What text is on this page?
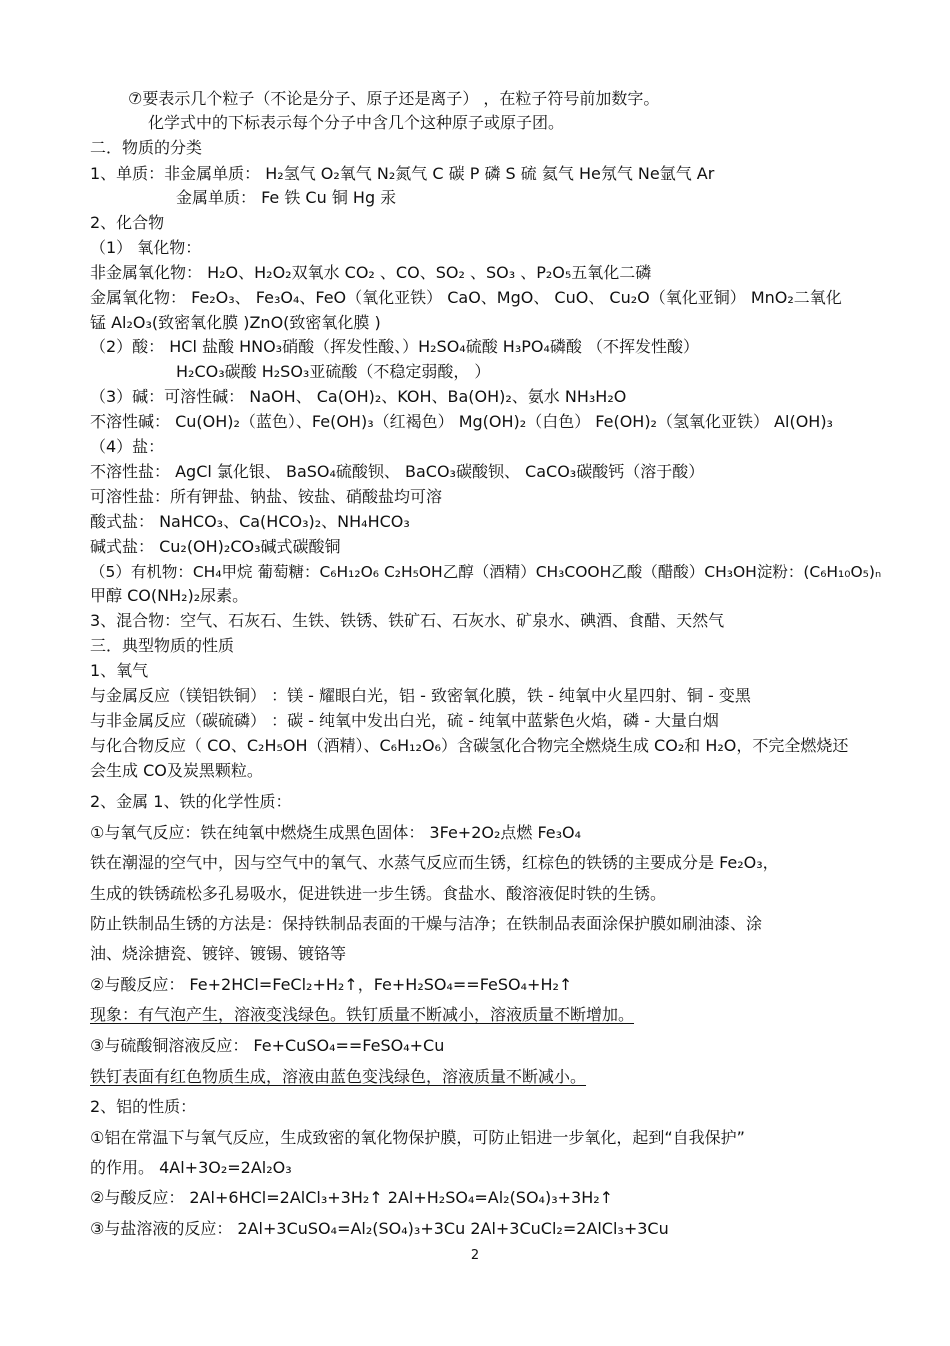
⑦要表示几个粒子（不论是分子、原子还是离子） ，在粒子符号前加数字。
化学式中的下标表示每个分子中含几个这种原子或原子团。
二．物质的分类
1、单质：非金属单质： H₂氢气 O₂氧气 N₂氮气 C 碳 P 磷 S 硫 氦气 He氖气 Ne氩气 Ar
金属单质： Fe 铁 Cu 铜 Hg 汞
2、化合物
（1） 氧化物：
非金属氧化物： H₂O、H₂O₂双氧水 CO₂ 、CO、SO₂ 、SO₃ 、P₂O₅五氧化二磷
金属氧化物： Fe₂O₃、 Fe₃O₄、FeO（氧化亚铁） CaO、MgO、 CuO、 Cu₂O（氧化亚铜） MnO₂二氧化
锰 Al₂O₃(致密氧化膜 )ZnO(致密氧化膜 )
（2）酸： HCl 盐酸 HNO₃硝酸（挥发性酸、）H₂SO₄硫酸 H₃PO₄磷酸 （不挥发性酸）
H₂CO₃碳酸 H₂SO₃亚硫酸（不稳定弱酸， ）
（3）碱：可溶性碱： NaOH、 Ca(OH)₂、KOH、Ba(OH)₂、氨水 NH₃H₂O
不溶性碱： Cu(OH)₂（蓝色）、Fe(OH)₃（红褐色） Mg(OH)₂（白色） Fe(OH)₂（氢氧化亚铁） Al(OH)₃
（4）盐：
不溶性盐： AgCl 氯化银、 BaSO₄硫酸钡、 BaCO₃碳酸钡、 CaCO₃碳酸钙（溶于酸）
可溶性盐：所有钾盐、钠盐、铵盐、硝酸盐均可溶
酸式盐： NaHCO₃、Ca(HCO₃)₂、NH₄HCO₃
碱式盐： Cu₂(OH)₂CO₃碱式碳酸铜
（5）有机物：CH₄甲烷 葡萄糖：C₆H₁₂O₆ C₂H₅OH乙醇（酒精）CH₃COOH乙酸（醋酸）CH₃OH淀粉：(C₆H₁₀O₅)ₙ
甲醇 CO(NH₂)₂尿素。
3、混合物：空气、石灰石、生铁、铁锈、铁矿石、石灰水、矿泉水、碘酒、食醋、天然气
三．典型物质的性质
1、氧气
与金属反应（镁铝铁铜） ：镁 - 耀眼白光，铝 - 致密氧化膜，铁 - 纯氧中火星四射、铜 - 变黑
与非金属反应（碳硫磷） ：碳 - 纯氧中发出白光，硫 - 纯氧中蓝紫色火焰，磷 - 大量白烟
与化合物反应（ CO、C₂H₅OH（酒精）、C₆H₁₂O₆）含碳氢化合物完全燃烧生成 CO₂和 H₂O，不完全燃烧还
会生成 CO及炭黑颗粒。
2、金属 1、铁的化学性质：
①与氧气反应：铁在纯氧中燃烧生成黑色固体： 3Fe+2O₂点燃 Fe₃O₄
铁在潮湿的空气中，因与空气中的氧气、水蒸气反应而生锈，红棕色的铁锈的主要成分是 Fe₂O₃，
生成的铁锈疏松多孔易吸水，促进铁进一步生锈。食盐水、酸溶液促时铁的生锈。
防止铁制品生锈的方法是：保持铁制品表面的干燥与洁净；在铁制品表面涂保护膜如刷油漆、涂
油、烧涂搪瓷、镀锌、镀锡、镀铬等
②与酸反应： Fe+2HCl=FeCl₂+H₂↑，Fe+H₂SO₄==FeSO₄+H₂↑
现象：有气泡产生，溶液变浅绿色。铁钉质量不断减小，溶液质量不断增加。
③与硫酸铜溶液反应： Fe+CuSO₄==FeSO₄+Cu
铁钉表面有红色物质生成，溶液由蓝色变浅绿色，溶液质量不断减小。
2、铝的性质：
①铝在常温下与氧气反应，生成致密的氧化物保护膜，可防止铝进一步氧化，起到“自我保护”
的作用。 4Al+3O₂=2Al₂O₃
②与酸反应： 2Al+6HCl=2AlCl₃+3H₂↑ 2Al+H₂SO₄=Al₂(SO₄)₃+3H₂↑
③与盐溶液的反应： 2Al+3CuSO₄=Al₂(SO₄)₃+3Cu 2Al+3CuCl₂=2AlCl₃+3Cu
2
